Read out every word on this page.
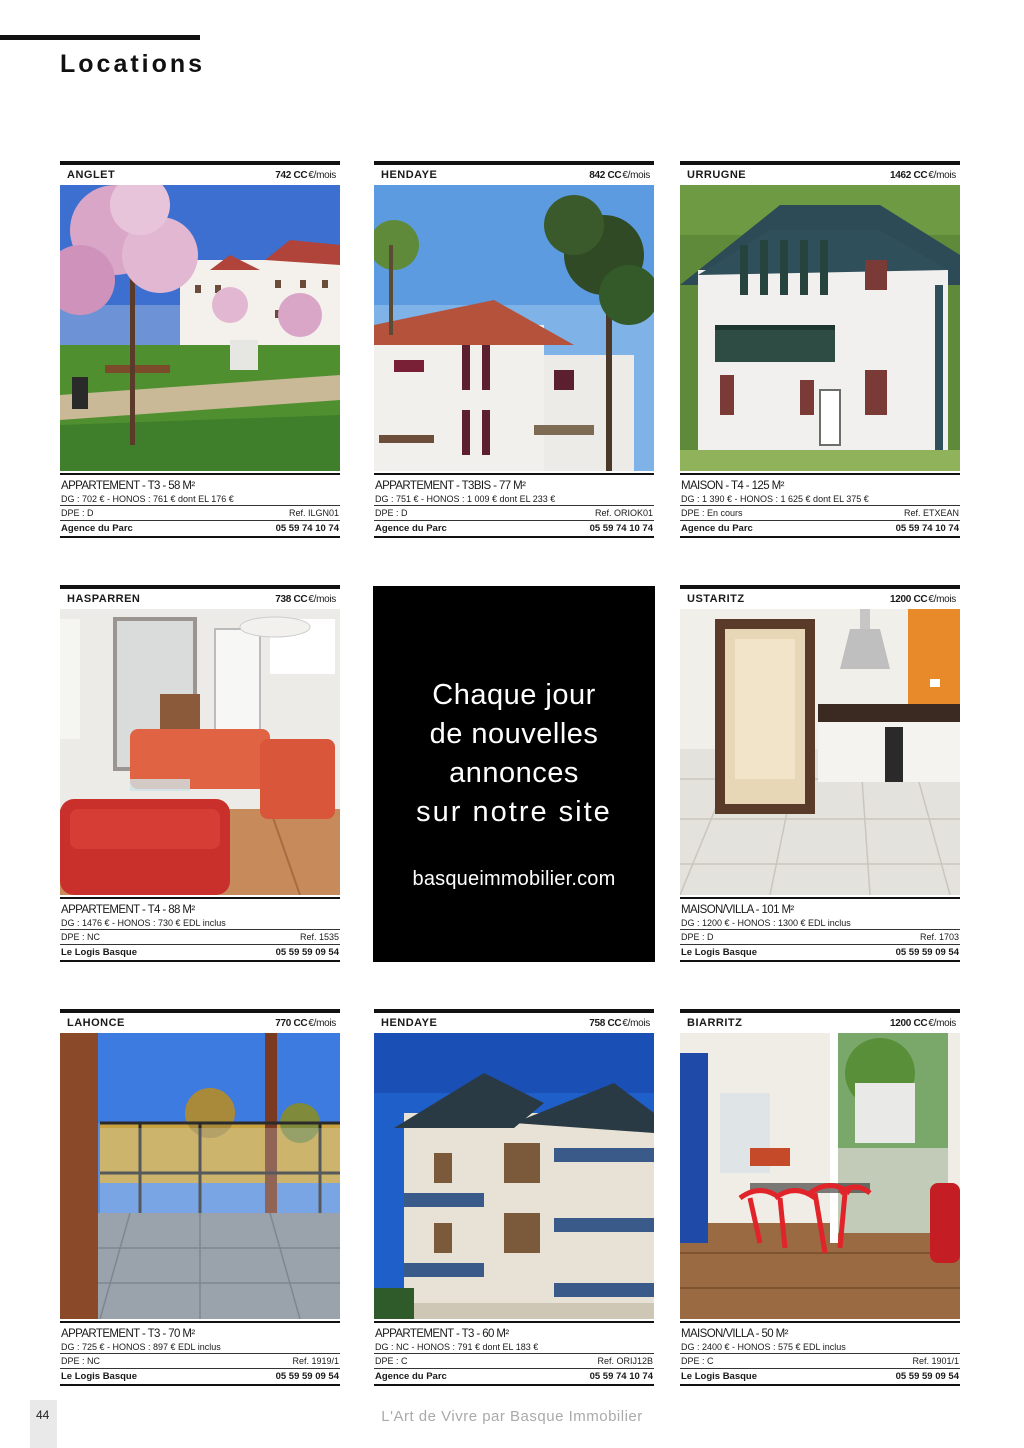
Locations
ANGLET	742 CC€/mois
APPARTEMENT - T3 - 58 M²
DG : 702 € - HONOS : 761 € dont EL 176 €
DPE : D	Ref. ILGN01
Agence du Parc	05 59 74 10 74
HENDAYE	842 CC€/mois
APPARTEMENT - T3BIS - 77 M²
DG : 751 € - HONOS : 1 009 € dont EL 233 €
DPE : D	Ref. ORIOK01
Agence du Parc	05 59 74 10 74
URRUGNE	1462 CC€/mois
MAISON - T4 - 125 M²
DG : 1 390 € - HONOS : 1 625 € dont EL 375 €
DPE : En cours	Ref. ETXEAN
Agence du Parc	05 59 74 10 74
HASPARREN	738 CC€/mois
APPARTEMENT - T4 - 88 M²
DG : 1476 € - HONOS : 730 € EDL inclus
DPE : NC	Ref. 1535
Le Logis Basque	05 59 59 09 54
Chaque jour
de nouvelles
annonces
sur notre site
basqueimmobilier.com
USTARITZ	1200 CC€/mois
MAISON/VILLA - 101 M²
DG : 1200 € - HONOS : 1300 € EDL inclus
DPE : D	Ref. 1703
Le Logis Basque	05 59 59 09 54
LAHONCE	770 CC€/mois
APPARTEMENT - T3 - 70 M²
DG : 725 € - HONOS : 897 € EDL inclus
DPE : NC	Ref. 1919/1
Le Logis Basque	05 59 59 09 54
HENDAYE	758 CC€/mois
APPARTEMENT - T3 - 60 M²
DG : NC - HONOS : 791 € dont EL 183 €
DPE : C	Ref. ORIJ12B
Agence du Parc	05 59 74 10 74
BIARRITZ	1200 CC€/mois
MAISON/VILLA - 50 M²
DG : 2400 € - HONOS : 575 € EDL inclus
DPE : C	Ref. 1901/1
Le Logis Basque	05 59 59 09 54
44	L'Art de Vivre par Basque Immobilier
